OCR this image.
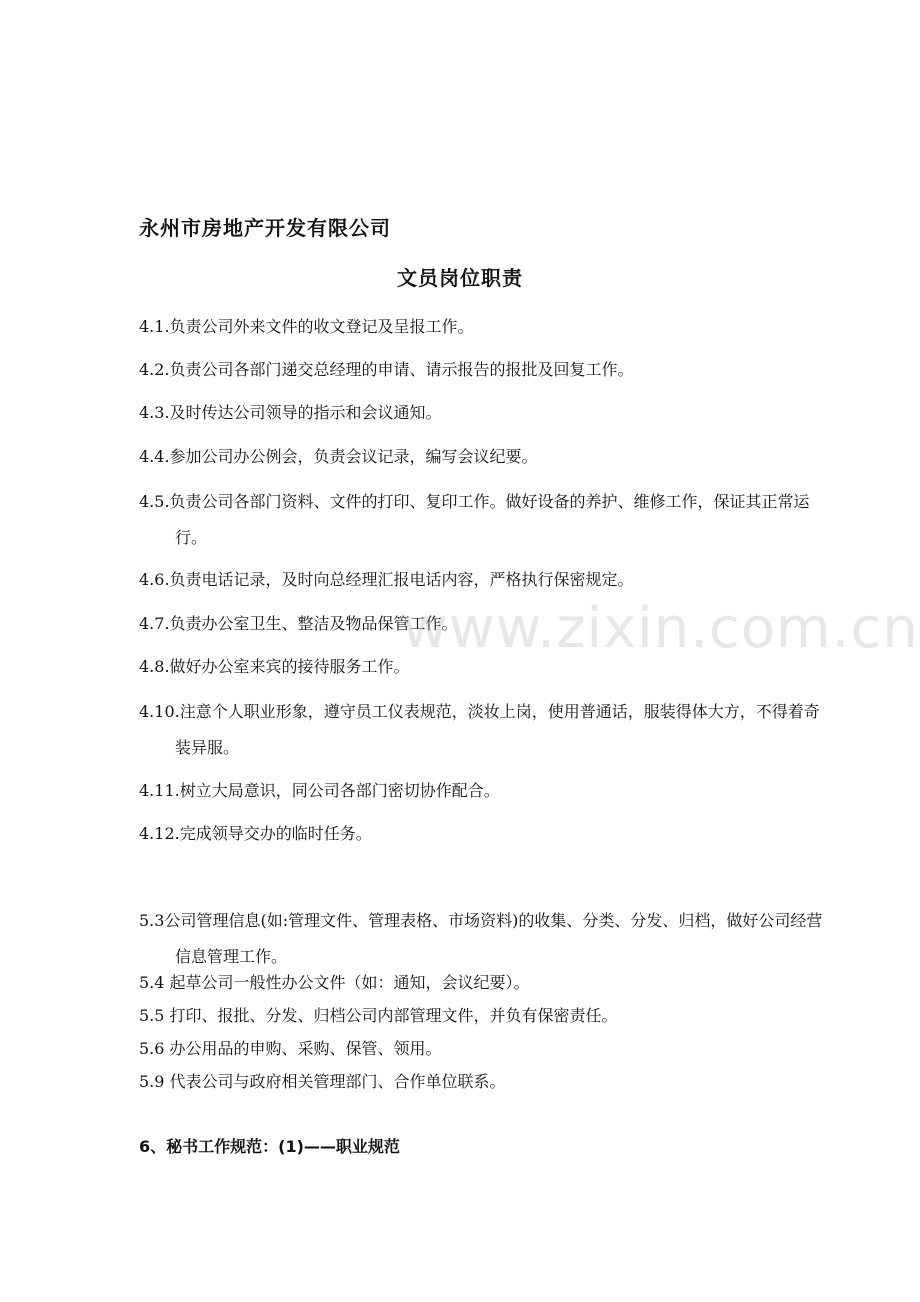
永州市房地产开发有限公司
文员岗位职责

4.1.负责公司外来文件的收文登记及呈报工作。

4.2.负责公司各部门递交总经理的申请、请示报告的报批及回复工作。

4.3.及时传达公司领导的指示和会议通知。

4.4.参加公司办公例会，负责会议记录，编写会议纪要。

4.5.负责公司各部门资料、文件的打印、复印工作。做好设备的养护、维修工作，保证其正常运行。

4.6.负责电话记录，及时向总经理汇报电话内容，严格执行保密规定。

4.7.负责办公室卫生、整洁及物品保管工作。

4.8.做好办公室来宾的接待服务工作。

4.10.注意个人职业形象，遵守员工仪表规范，淡妆上岗，使用普通话，服装得体大方，不得着奇装异服。

4.11.树立大局意识，同公司各部门密切协作配合。

4.12.完成领导交办的临时任务。

5.3公司管理信息(如:管理文件、管理表格、市场资料)的收集、分类、分发、归档，做好公司经营信息管理工作。

5.4 起草公司一般性办公文件（如：通知，会议纪要）。

5.5 打印、报批、分发、归档公司内部管理文件，并负有保密责任。

5.6 办公用品的申购、采购、保管、领用。

5.9 代表公司与政府相关管理部门、合作单位联系。

6、秘书工作规范：(1)——职业规范
www.zixin.com.cn
